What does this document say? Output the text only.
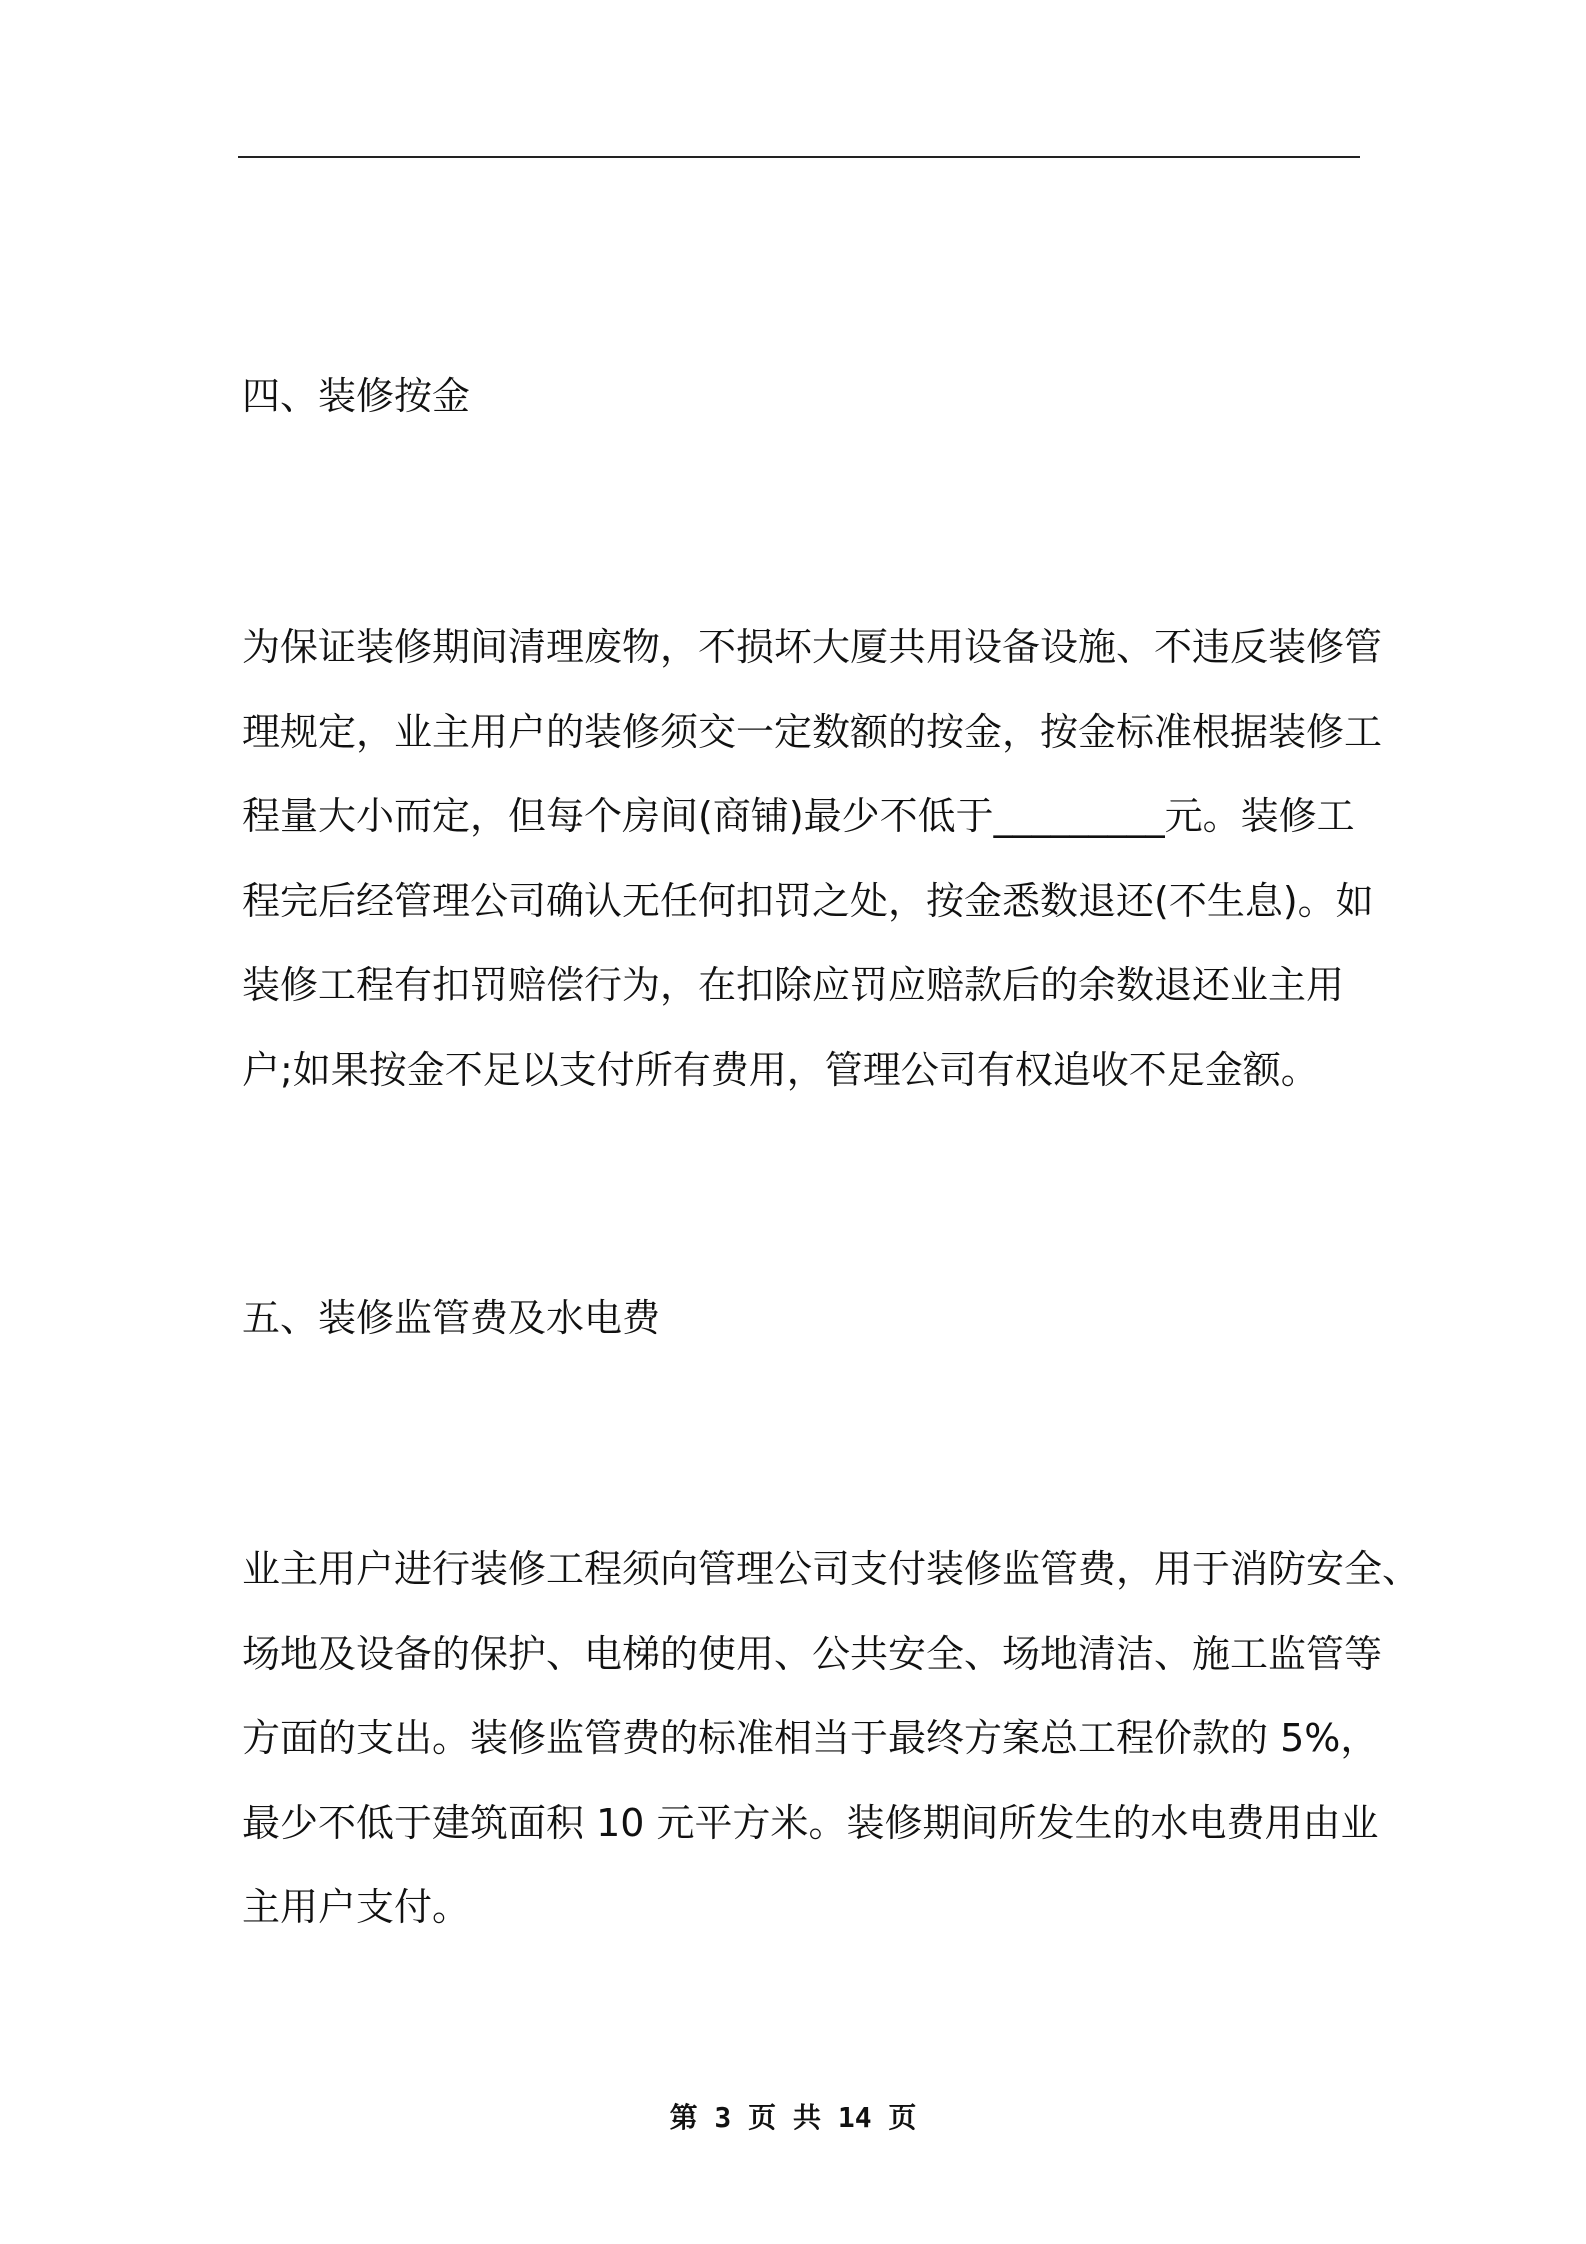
四、装修按金
为保证装修期间清理废物，不损坏大厦共用设备设施、不违反装修管
理规定，业主用户的装修须交一定数额的按金，按金标准根据装修工
程量大小而定，但每个房间(商铺)最少不低于_________元。装修工
程完后经管理公司确认无任何扣罚之处，按金悉数退还(不生息)。如
装修工程有扣罚赔偿行为，在扣除应罚应赔款后的余数退还业主用
户;如果按金不足以支付所有费用，管理公司有权追收不足金额。
五、装修监管费及水电费
业主用户进行装修工程须向管理公司支付装修监管费，用于消防安全、
场地及设备的保护、电梯的使用、公共安全、场地清洁、施工监管等
方面的支出。装修监管费的标准相当于最终方案总工程价款的 5%，
最少不低于建筑面积 10 元平方米。装修期间所发生的水电费用由业
主用户支付。
第 3 页 共 14 页
